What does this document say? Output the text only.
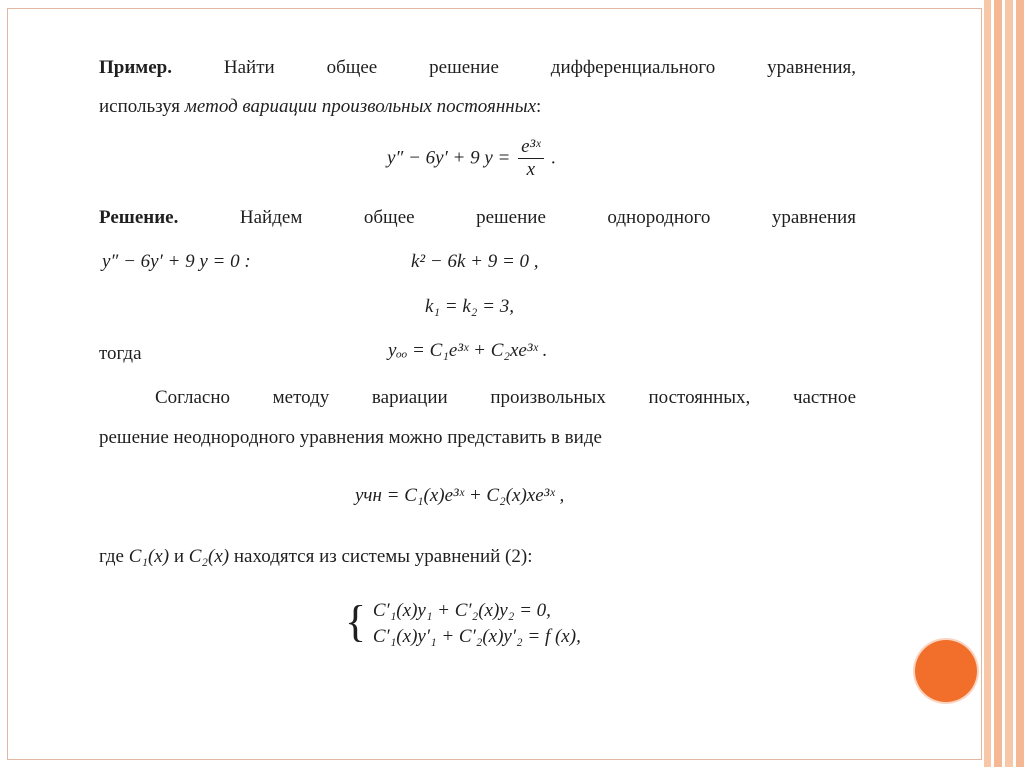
Пример.	Найти	общее	решение	дифференциального	уравнения,
используя метод вариации произвольных постоянных:
y″ − 6y′ + 9 $y = \frac{\text{e³ˣ}}{x}$ .
Решение.	Найдем	общее	решение	однородного	уравнения
y″ − 6y′ + 9 y = 0 :	k² − 6k + 9 = 0 ,
k₁ = k₂ = 3,
тогда	yₒₒ = C₁e³ˣ + C₂xe³ˣ .
Согласно методу вариации произвольных постоянных, частное
решение неоднородного уравнения можно представить в виде
yчн = C₁(x)e³ˣ + C₂(x)xe³ˣ ,
где C₁(x) и C₂(x) находятся из системы уравнений (2):
{ C′₁(x)y₁ + C′₂(x)y₂ = 0,
C′₁(x)y′₁ + C′₂(x)y′₂ = f (x),
